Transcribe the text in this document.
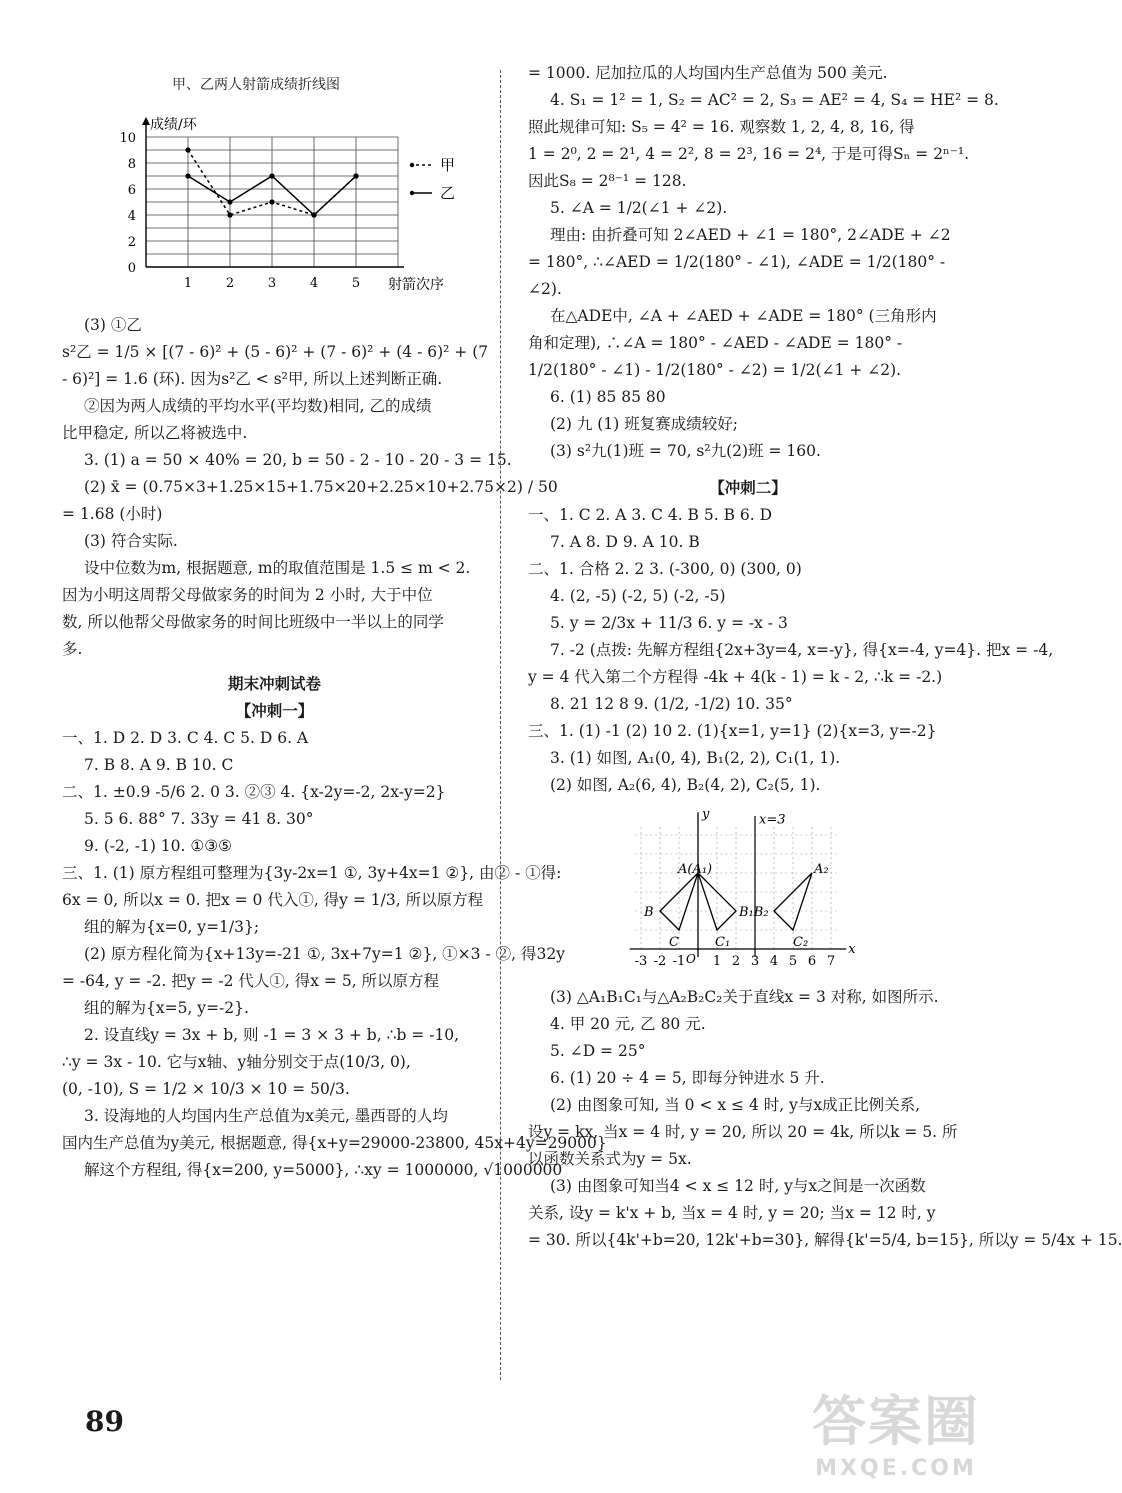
甲、乙两人射箭成绩折线图
成绩/环
射箭次序
0
2
4
6
8
10
1	2	3	4	5
甲
乙
(3) ①乙
s²乙 = 1/5 × [(7 - 6)² + (5 - 6)² + (7 - 6)² + (4 - 6)² + (7
- 6)²] = 1.6 (环). 因为s²乙 < s²甲, 所以上述判断正确.
②因为两人成绩的平均水平(平均数)相同, 乙的成绩
比甲稳定, 所以乙将被选中.
3. (1) a = 50 × 40% = 20, b = 50 - 2 - 10 - 20 - 3 = 15.
(2) x̄ = (0.75×3+1.25×15+1.75×20+2.25×10+2.75×2) / 50
= 1.68 (小时)
(3) 符合实际.
设中位数为m, 根据题意, m的取值范围是 1.5 ≤ m < 2.
因为小明这周帮父母做家务的时间为 2 小时, 大于中位
数, 所以他帮父母做家务的时间比班级中一半以上的同学
多.
期末冲刺试卷
【冲刺一】
一、1. D 2. D 3. C 4. C 5. D 6. A
7. B 8. A 9. B 10. C
二、1. ±0.9 -5/6 2. 0 3. ②③ 4. {x-2y=-2, 2x-y=2}
5. 5 6. 88° 7. 33y = 41 8. 30°
9. (-2, -1) 10. ①③⑤
三、1. (1) 原方程组可整理为{3y-2x=1 ①, 3y+4x=1 ②}, 由② - ①得:
6x = 0, 所以x = 0. 把x = 0 代入①, 得y = 1/3, 所以原方程
组的解为{x=0, y=1/3};
(2) 原方程化简为{x+13y=-21 ①, 3x+7y=1 ②}, ①×3 - ②, 得32y
= -64, y = -2. 把y = -2 代人①, 得x = 5, 所以原方程
组的解为{x=5, y=-2}.
2. 设直线y = 3x + b, 则 -1 = 3 × 3 + b, ∴b = -10,
∴y = 3x - 10. 它与x轴、y轴分别交于点(10/3, 0),
(0, -10), S = 1/2 × 10/3 × 10 = 50/3.
3. 设海地的人均国内生产总值为x美元, 墨西哥的人均
国内生产总值为y美元, 根据题意, 得{x+y=29000-23800, 45x+4y=29000}
解这个方程组, 得{x=200, y=5000}, ∴xy = 1000000, √1000000
= 1000. 尼加拉瓜的人均国内生产总值为 500 美元.
4. S₁ = 1² = 1, S₂ = AC² = 2, S₃ = AE² = 4, S₄ = HE² = 8.
照此规律可知: S₅ = 4² = 16. 观察数 1, 2, 4, 8, 16, 得
1 = 2⁰, 2 = 2¹, 4 = 2², 8 = 2³, 16 = 2⁴, 于是可得Sₙ = 2ⁿ⁻¹.
因此S₈ = 2⁸⁻¹ = 128.
5. ∠A = 1/2(∠1 + ∠2).
理由: 由折叠可知 2∠AED + ∠1 = 180°, 2∠ADE + ∠2
= 180°, ∴∠AED = 1/2(180° - ∠1), ∠ADE = 1/2(180° -
∠2).
在△ADE中, ∠A + ∠AED + ∠ADE = 180° (三角形内
角和定理), ∴∠A = 180° - ∠AED - ∠ADE = 180° -
1/2(180° - ∠1) - 1/2(180° - ∠2) = 1/2(∠1 + ∠2).
6. (1) 85 85 80
(2) 九 (1) 班复赛成绩较好;
(3) s²九(1)班 = 70, s²九(2)班 = 160.
【冲刺二】
一、1. C 2. A 3. C 4. B 5. B 6. D
7. A 8. D 9. A 10. B
二、1. 合格 2. 2 3. (-300, 0) (300, 0)
4. (2, -5) (-2, 5) (-2, -5)
5. y = 2/3x + 11/3 6. y = -x - 3
7. -2 (点拨: 先解方程组{2x+3y=4, x=-y}, 得{x=-4, y=4}. 把x = -4,
y = 4 代入第二个方程得 -4k + 4(k - 1) = k - 2, ∴k = -2.)
8. 21 12 8 9. (1/2, -1/2) 10. 35°
三、1. (1) -1 (2) 10 2. (1){x=1, y=1} (2){x=3, y=-2}
3. (1) 如图, A₁(0, 4), B₁(2, 2), C₁(1, 1).
(2) 如图, A₂(6, 4), B₂(4, 2), C₂(5, 1).
x=3
y
x
O
-3 -2 -1 1 2 3 4 5 6 7
A(A₁)	A₂
B	B₁B₂
C	C₁	C₂
(3) △A₁B₁C₁与△A₂B₂C₂关于直线x = 3 对称, 如图所示.
4. 甲 20 元, 乙 80 元.
5. ∠D = 25°
6. (1) 20 ÷ 4 = 5, 即每分钟进水 5 升.
(2) 由图象可知, 当 0 < x ≤ 4 时, y与x成正比例关系,
设y = kx, 当x = 4 时, y = 20, 所以 20 = 4k, 所以k = 5. 所
以函数关系式为y = 5x.
(3) 由图象可知当4 < x ≤ 12 时, y与x之间是一次函数
关系, 设y = k'x + b, 当x = 4 时, y = 20; 当x = 12 时, y
= 30. 所以{4k'+b=20, 12k'+b=30}, 解得{k'=5/4, b=15}, 所以y = 5/4x + 15.
89	答案圈
MXQE.COM
